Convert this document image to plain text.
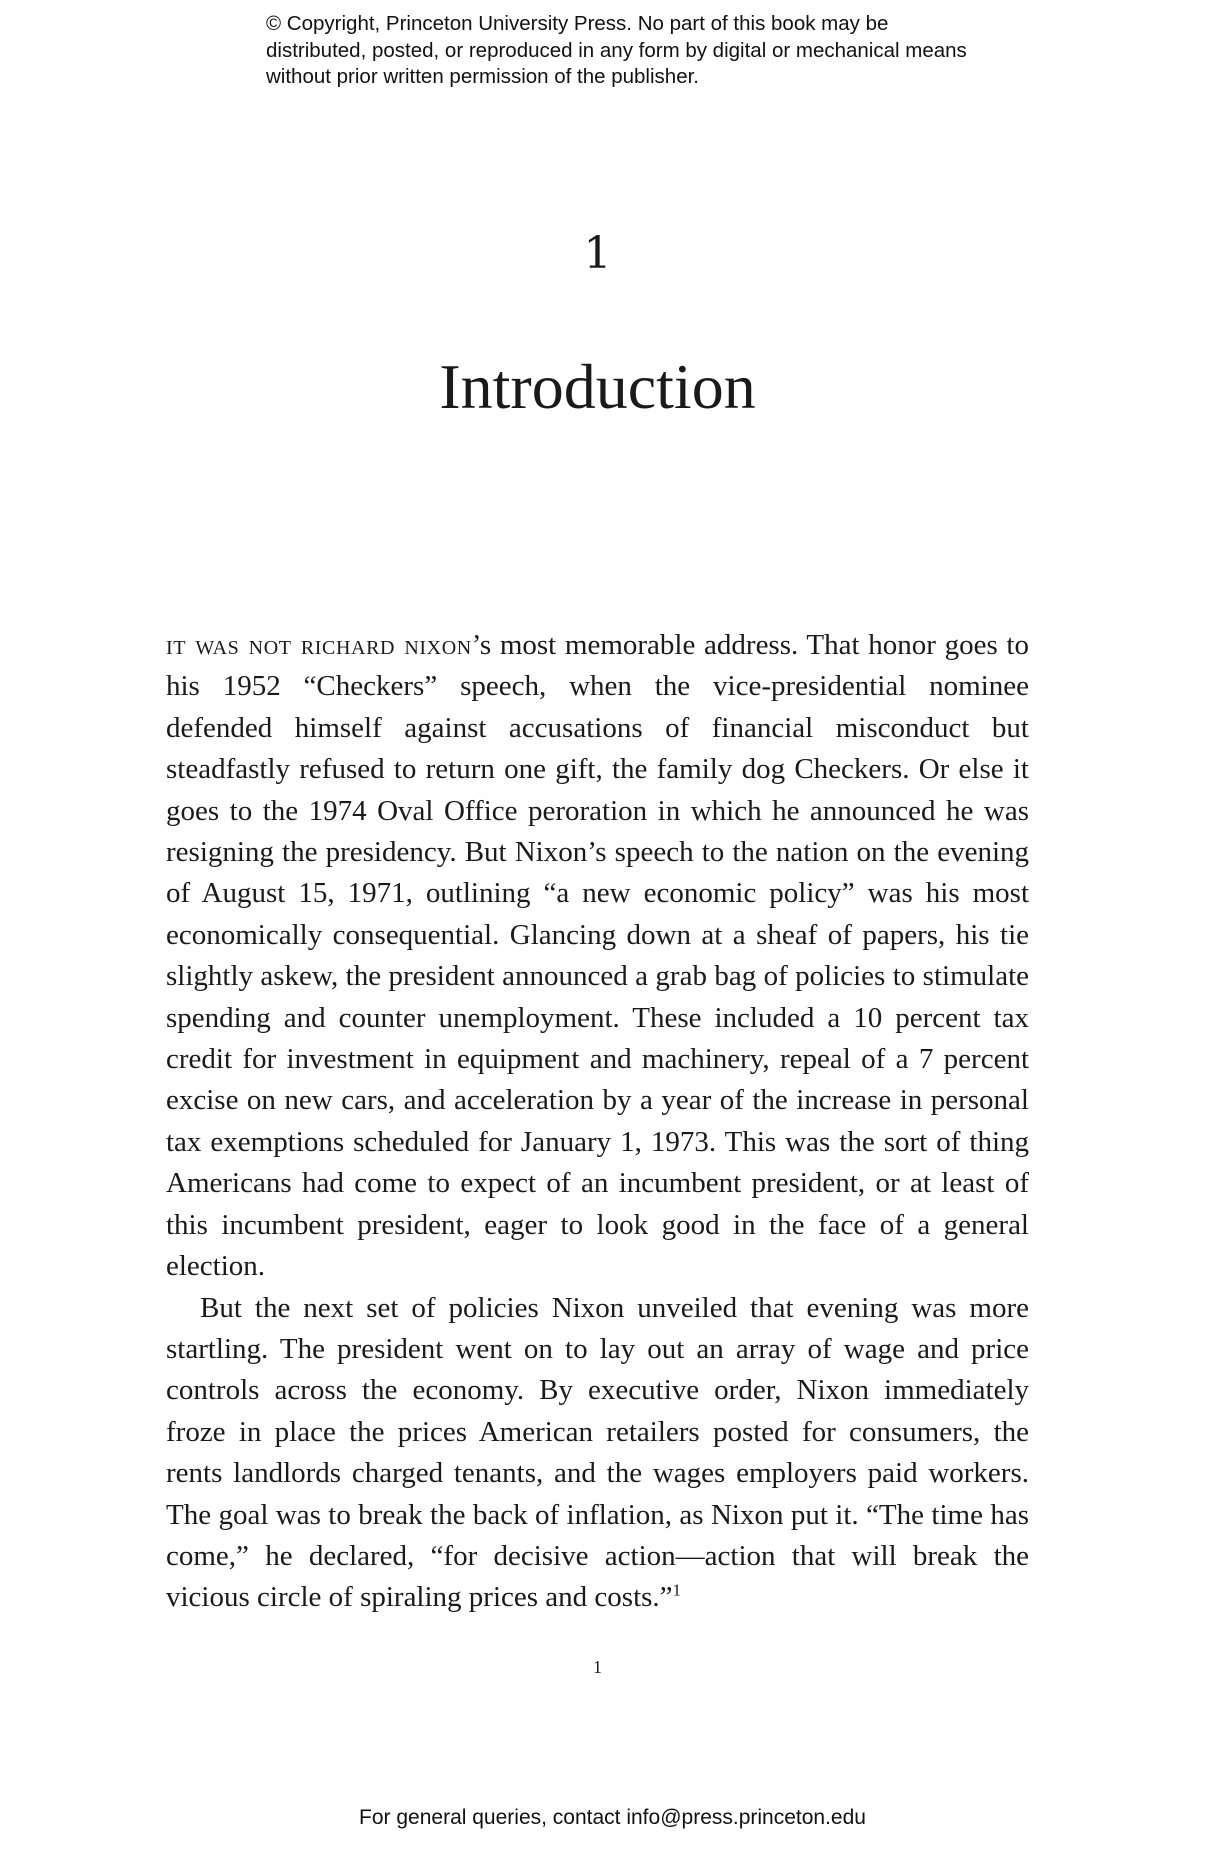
© Copyright, Princeton University Press. No part of this book may be distributed, posted, or reproduced in any form by digital or mechanical means without prior written permission of the publisher.
1
Introduction

it was not richard nixon’s most memorable address. That honor goes to his 1952 “Checkers” speech, when the vice-presidential nominee defended himself against accusations of financial misconduct but steadfastly refused to return one gift, the family dog Checkers. Or else it goes to the 1974 Oval Office peroration in which he announced he was resigning the presidency. But Nixon’s speech to the nation on the evening of August 15, 1971, outlining “a new economic policy” was his most economically consequential. Glancing down at a sheaf of papers, his tie slightly askew, the president announced a grab bag of policies to stimulate spending and counter unemployment. These included a 10 percent tax credit for investment in equipment and machinery, repeal of a 7 percent excise on new cars, and acceleration by a year of the increase in personal tax exemptions scheduled for January 1, 1973. This was the sort of thing Americans had come to expect of an incumbent president, or at least of this incumbent president, eager to look good in the face of a general election.

But the next set of policies Nixon unveiled that evening was more startling. The president went on to lay out an array of wage and price controls across the economy. By executive order, Nixon immediately froze in place the prices American retailers posted for consumers, the rents landlords charged tenants, and the wages employers paid workers. The goal was to break the back of inflation, as Nixon put it. “The time has come,” he declared, “for decisive action—action that will break the vicious circle of spiraling prices and costs.”$^1$

1
For general queries, contact info@press.princeton.edu
